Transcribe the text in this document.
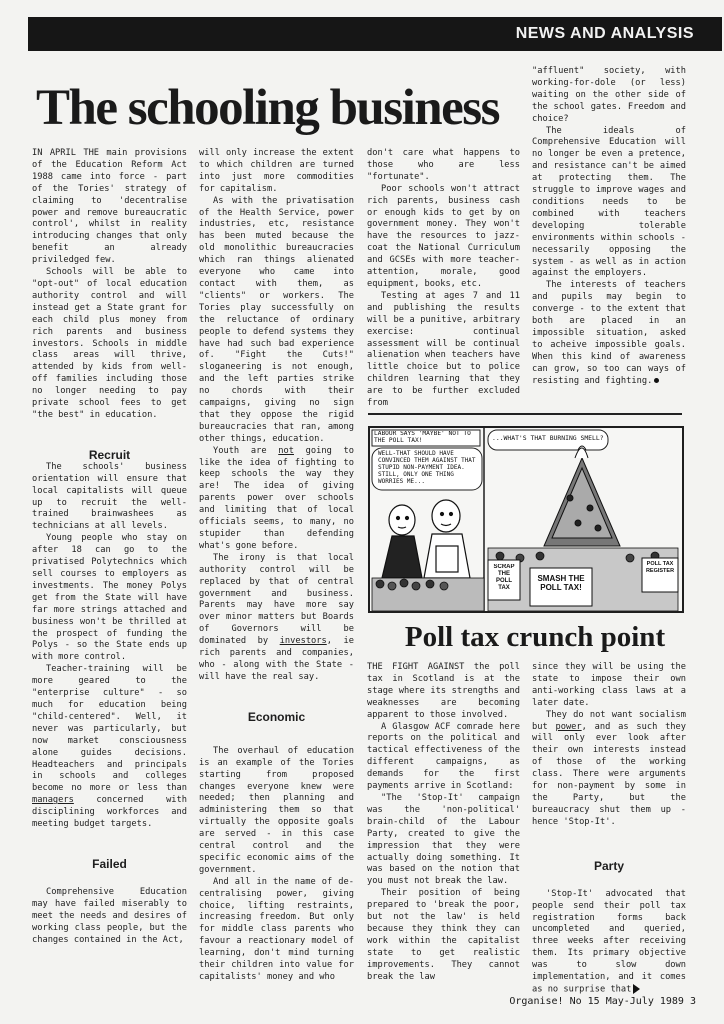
NEWS AND ANALYSIS
The schooling business

IN APRIL THE main provisions of the Education Reform Act 1988 came into force - part of the Tories' strategy of claiming to 'decentralise power and remove bureaucratic control', whilst in reality introducing changes that only benefit an already priviledged few.

Schools will be able to "opt-out" of local education authority control and will instead get a State grant for each child plus money from rich parents and business investors. Schools in middle class areas will thrive, attended by kids from well-off families including those no longer needing to pay private school fees to get "the best" in education.

Recruit

The schools' business orientation will ensure that local capitalists will queue up to recruit the well-trained brainwashees as technicians at all levels.

Young people who stay on after 18 can go to the privatised Polytechnics which sell courses to employers as investments. The money Polys get from the State will have far more strings attached and business won't be thrilled at the prospect of funding the Polys - so the State ends up with more control.

Teacher-training will be more geared to the "enterprise culture" - so much for education being "child-centered". Well, it never was particularly, but now market consciousness alone guides decisions. Headteachers and principals in schools and colleges become no more or less than managers concerned with disciplining workforces and meeting budget targets.

Failed

Comprehensive Education may have failed miserably to meet the needs and desires of working class people, but the changes contained in the Act,

will only increase the extent to which children are turned into just more commodities for capitalism.

As with the privatisation of the Health Service, power industries, etc, resistance has been muted because the old monolithic bureaucracies which ran things alienated everyone who came into contact with them, as "clients" or workers. The Tories play successfully on the reluctance of ordinary people to defend systems they have had such bad experience of. "Fight the Cuts!" sloganeering is not enough, and the left parties strike no chords with their campaigns, giving no sign that they oppose the rigid bureaucracies that ran, among other things, education.

Youth are not going to like the idea of fighting to keep schools the way they are! The idea of giving parents power over schools and limiting that of local officials seems, to many, no stupider than defending what's gone before.

The irony is that local authority control will be replaced by that of central government and business. Parents may have more say over minor matters but Boards of Governors will be dominated by investors, ie rich parents and companies, who - along with the State - will have the real say.

Economic

The overhaul of education is an example of the Tories starting from proposed changes everyone knew were needed; then planning and administering them so that virtually the opposite goals are served - in this case central control and the specific economic aims of the government.

And all in the name of de-centralising power, giving choice, lifting restraints, increasing freedom. But only for middle class parents who favour a reactionary model of learning, don't mind turning their children into value for capitalists' money and who

don't care what happens to those who are less "fortunate".

Poor schools won't attract rich parents, business cash or enough kids to get by on government money. They won't have the resources to jazz-coat the National Curriculum and GCSEs with more teacher-attention, morale, good equipment, books, etc.

Testing at ages 7 and 11 and publishing the results will be a punitive, arbitrary exercise: continual assessment will be continual alienation when teachers have little choice but to police children learning that they are to be further excluded from

"affluent" society, with working-for-dole (or less) waiting on the other side of the school gates. Freedom and choice?

The ideals of Comprehensive Education will no longer be even a pretence, and resistance can't be aimed at protecting them. The struggle to improve wages and conditions needs to be combined with teachers developing tolerable environments within schools - necessarily opposing the system - as well as in action against the employers.

The interests of teachers and pupils may begin to converge - to the extent that both are placed in an impossible situation, asked to acheive impossible goals. When this kind of awareness can grow, so too can ways of resisting and fighting.

LABOUR SAYS 'MAYBE' NOT TO THE POLL TAX!
WELL-THAT SHOULD HAVE CONVINCED THEM AGAINST THAT STUPID NON-PAYMENT IDEA. STILL, ONLY ONE THING WORRIES ME...
...WHAT'S THAT BURNING SMELL?
SCRAP THE POLL TAX
SMASH THE POLL TAX!
POLL TAX REGISTER
Poll tax crunch point

THE FIGHT AGAINST the poll tax in Scotland is at the stage where its strengths and weaknesses are becoming apparent to those involved.

A Glasgow ACF comrade here reports on the political and tactical effectiveness of the different campaigns, as demands for the first payments arrive in Scotland:

"The 'Stop-It' campaign was the 'non-political' brain-child of the Labour Party, created to give the impression that they were actually doing something. It was based on the notion that you must not break the law.

Their position of being prepared to 'break the poor, but not the law' is held because they think they can work within the capitalist state to get realistic improvements. They cannot break the law

since they will be using the state to impose their own anti-working class laws at a later date.

They do not want socialism but power, and as such they will only ever look after their own interests instead of those of the working class. There were arguments for non-payment by some in the Party, but the bureaucracy shut them up - hence 'Stop-It'.

Party

'Stop-It' advocated that people send their poll tax registration forms back uncompleted and queried, three weeks after receiving them. Its primary objective was to slow down implementation, and it comes as no surprise that

Organise! No 15 May-July 1989 3
